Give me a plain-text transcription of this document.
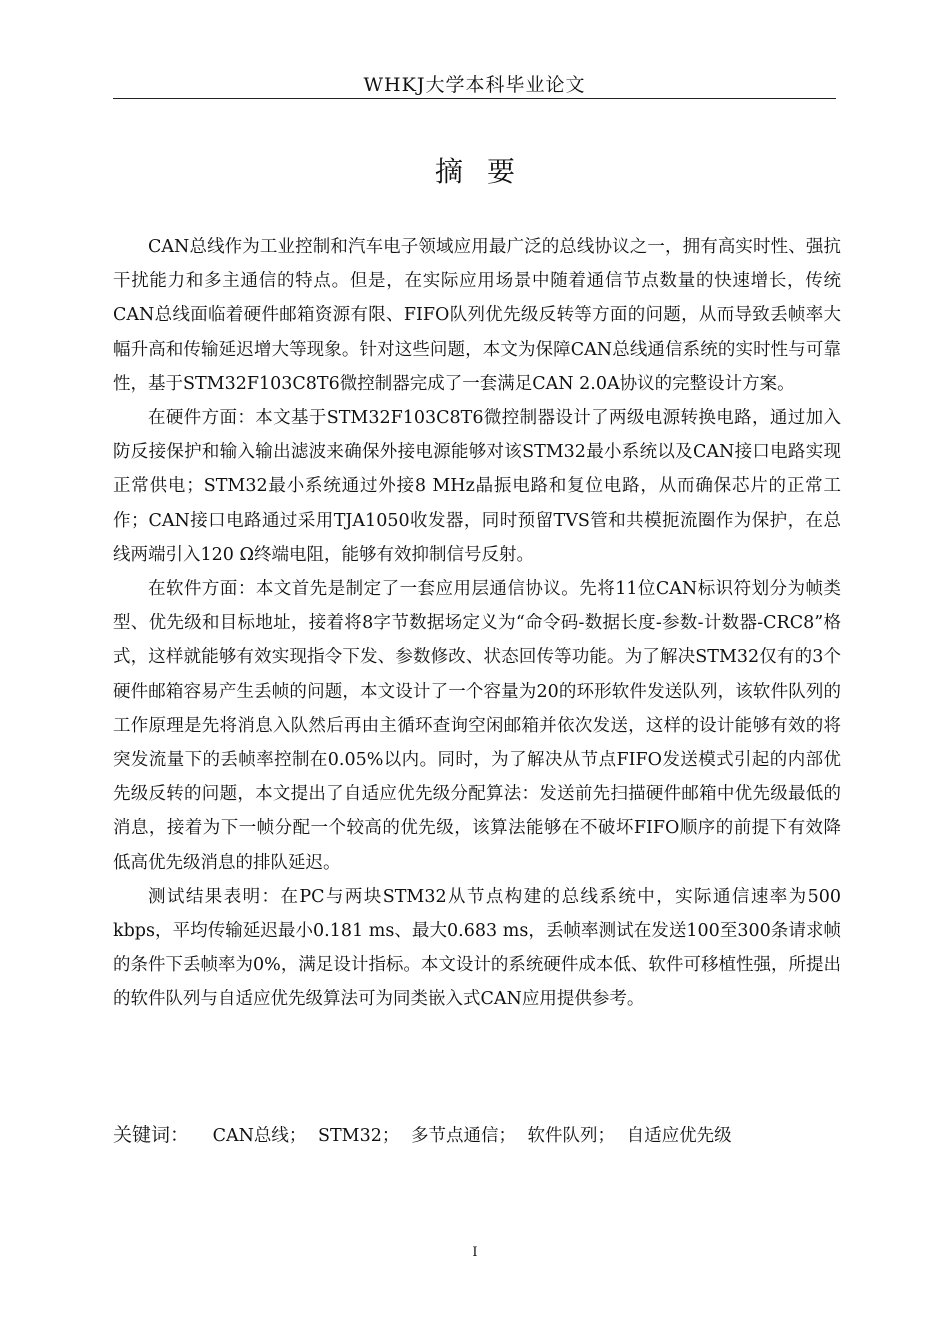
WHKJ大学本科毕业论文
摘要

CAN总线作为工业控制和汽车电子领域应用最广泛的总线协议之一，拥有高实时性、强抗干扰能力和多主通信的特点。但是，在实际应用场景中随着通信节点数量的快速增长，传统CAN总线面临着硬件邮箱资源有限、FIFO队列优先级反转等方面的问题，从而导致丢帧率大幅升高和传输延迟增大等现象。针对这些问题，本文为保障CAN总线通信系统的实时性与可靠性，基于STM32F103C8T6微控制器完成了一套满足CAN 2.0A协议的完整设计方案。

在硬件方面：本文基于STM32F103C8T6微控制器设计了两级电源转换电路，通过加入防反接保护和输入输出滤波来确保外接电源能够对该STM32最小系统以及CAN接口电路实现正常供电；STM32最小系统通过外接8 MHz晶振电路和复位电路，从而确保芯片的正常工作；CAN接口电路通过采用TJA1050收发器，同时预留TVS管和共模扼流圈作为保护，在总线两端引入120 Ω终端电阻，能够有效抑制信号反射。

在软件方面：本文首先是制定了一套应用层通信协议。先将11位CAN标识符划分为帧类型、优先级和目标地址，接着将8字节数据场定义为“命令码-数据长度-参数-计数器-CRC8”格式，这样就能够有效实现指令下发、参数修改、状态回传等功能。为了解决STM32仅有的3个硬件邮箱容易产生丢帧的问题，本文设计了一个容量为20的环形软件发送队列，该软件队列的工作原理是先将消息入队然后再由主循环查询空闲邮箱并依次发送，这样的设计能够有效的将突发流量下的丢帧率控制在0.05%以内。同时，为了解决从节点FIFO发送模式引起的内部优先级反转的问题，本文提出了自适应优先级分配算法：发送前先扫描硬件邮箱中优先级最低的消息，接着为下一帧分配一个较高的优先级，该算法能够在不破坏FIFO顺序的前提下有效降低高优先级消息的排队延迟。

测试结果表明：在PC与两块STM32从节点构建的总线系统中，实际通信速率为500 kbps，平均传输延迟最小0.181 ms、最大0.683 ms，丢帧率测试在发送100至300条请求帧的条件下丢帧率为0%，满足设计指标。本文设计的系统硬件成本低、软件可移植性强，所提出的软件队列与自适应优先级算法可为同类嵌入式CAN应用提供参考。

关键词： CAN总线； STM32； 多节点通信； 软件队列； 自适应优先级
I
